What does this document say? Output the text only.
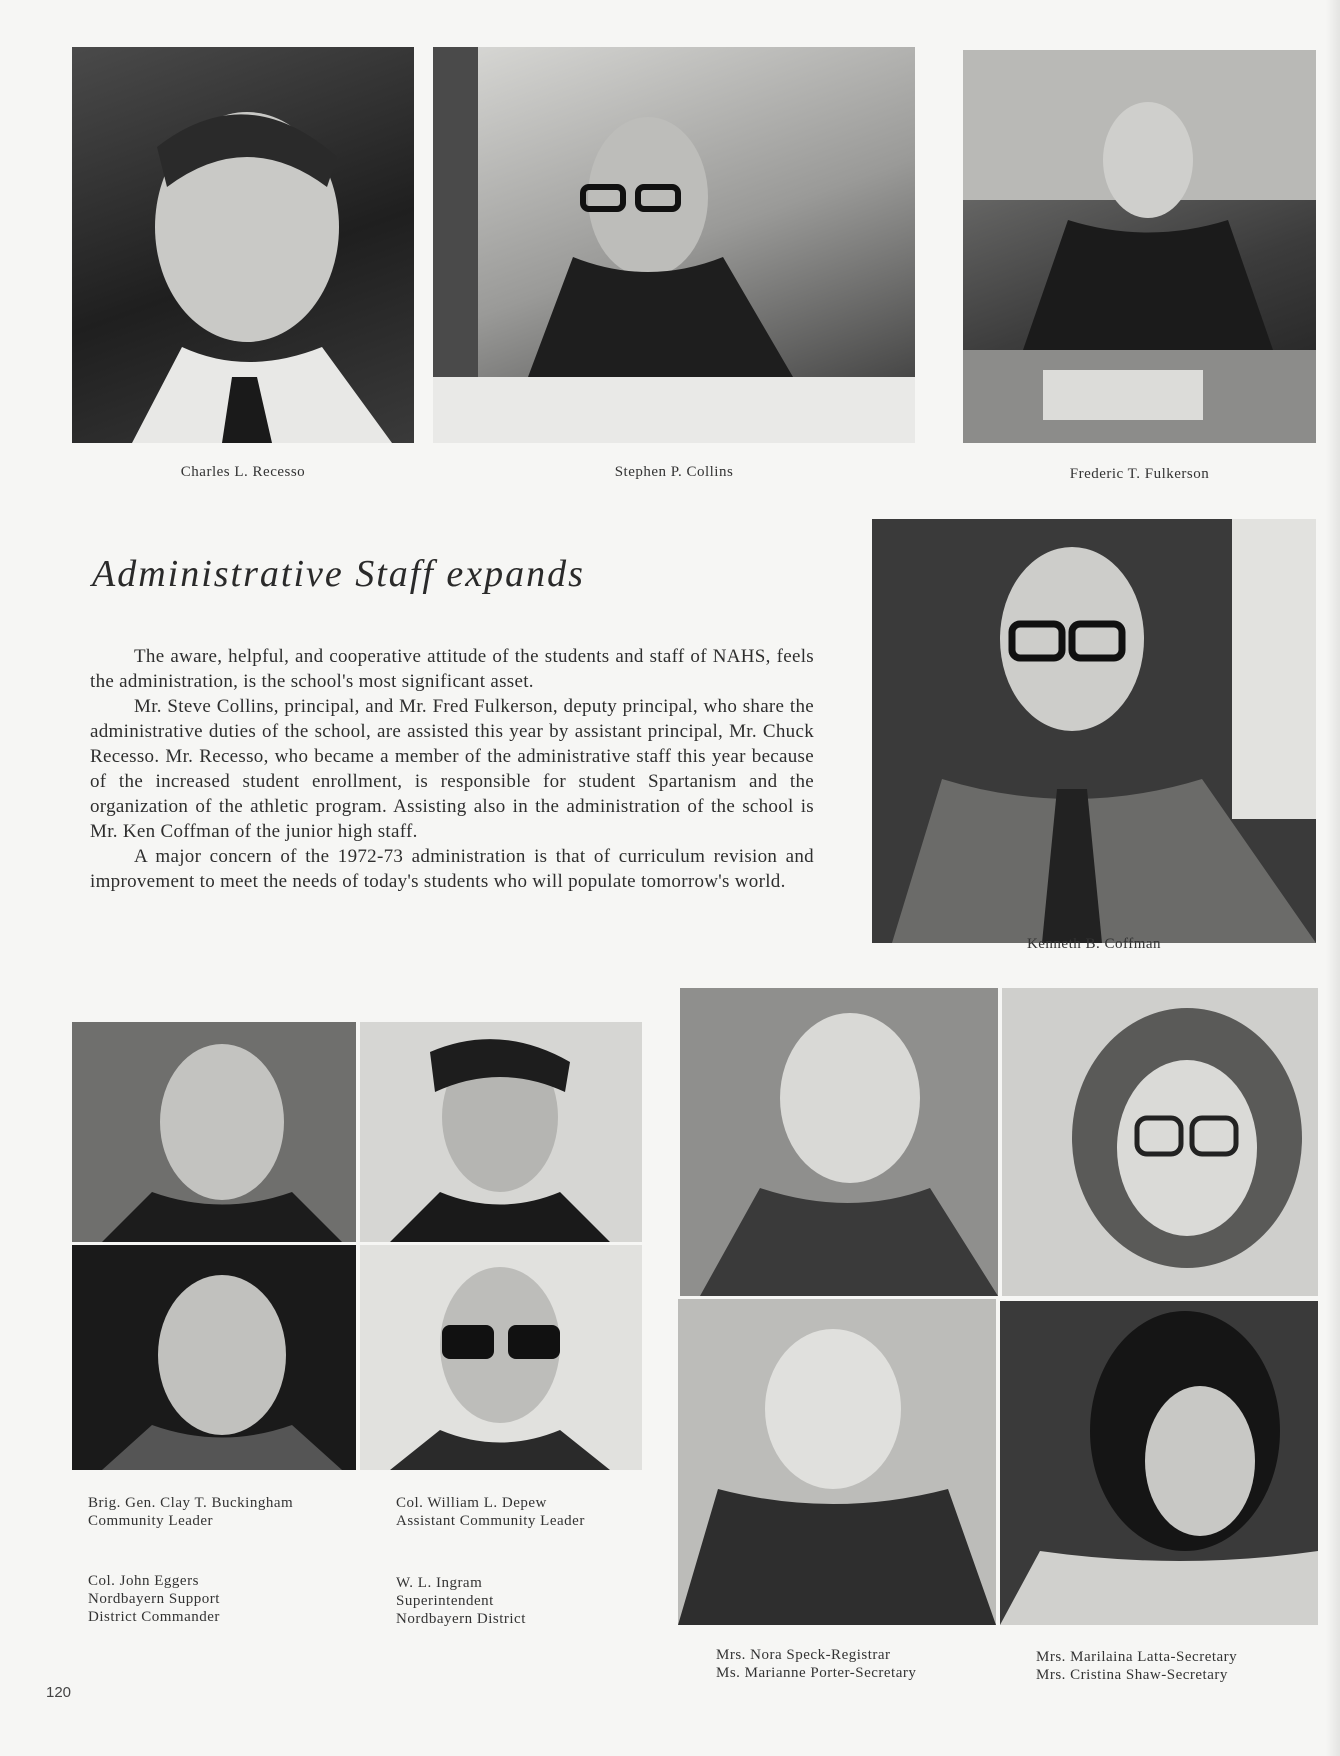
Charles L. Recesso	Stephen P. Collins	Frederic T. Fulkerson
Administrative Staff expands

The aware, helpful, and cooperative attitude of the students and staff of NAHS, feels the administration, is the school's most significant asset.

Mr. Steve Collins, principal, and Mr. Fred Fulkerson, deputy principal, who share the administrative duties of the school, are assisted this year by assistant principal, Mr. Chuck Recesso. Mr. Recesso, who became a member of the administrative staff this year because of the increased student enrollment, is responsible for student Spartanism and the organization of the athletic program. Assisting also in the administration of the school is Mr. Ken Coffman of the junior high staff.

A major concern of the 1972-73 administration is that of curriculum revision and improvement to meet the needs of today's students who will populate tomorrow's world.

Kenneth B. Coffman
Brig. Gen. Clay T. Buckingham
Community Leader
Col. William L. Depew
Assistant Community Leader
Col. John Eggers
Nordbayern Support
District Commander
W. L. Ingram
Superintendent
Nordbayern District
Mrs. Nora Speck-Registrar
Ms. Marianne Porter-Secretary
Mrs. Marilaina Latta-Secretary
Mrs. Cristina Shaw-Secretary
120
